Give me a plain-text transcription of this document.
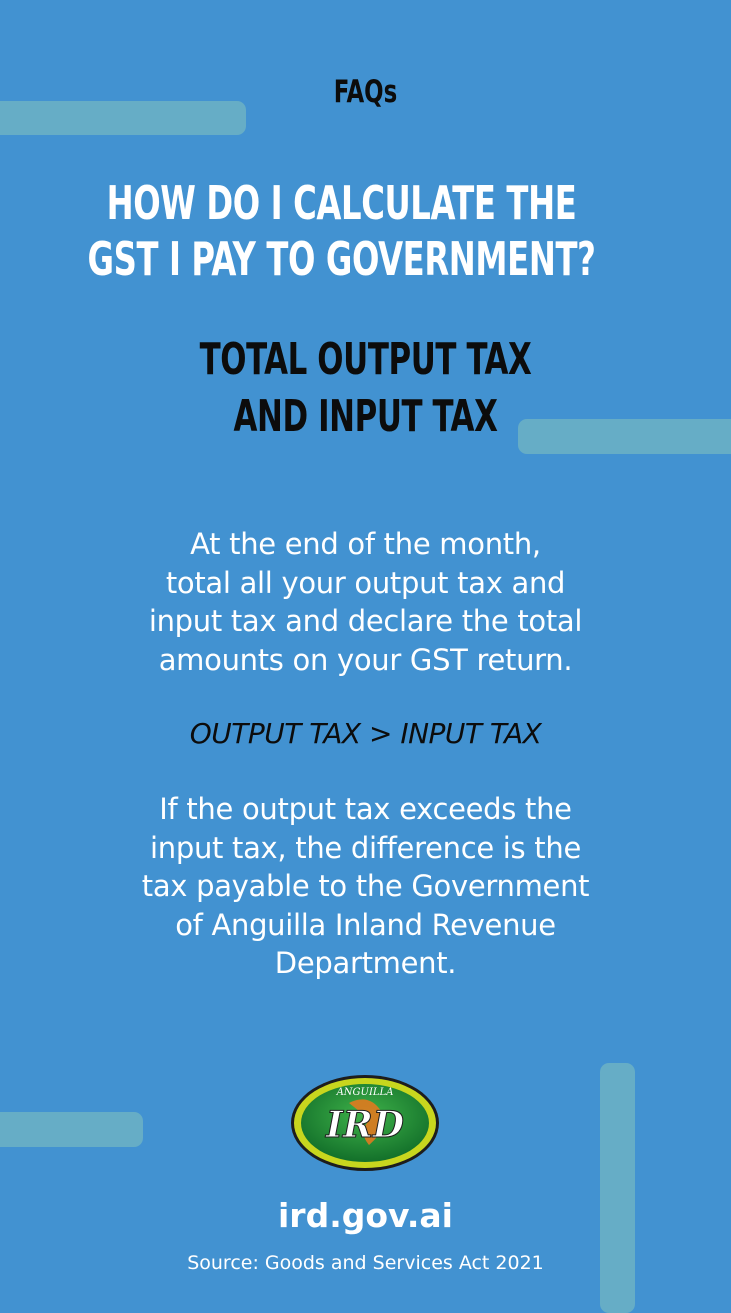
FAQs
HOW DO I CALCULATE THE
GST I PAY TO GOVERNMENT?
TOTAL OUTPUT TAX
AND INPUT TAX
At the end of the month,
total all your output tax and
input tax and declare the total
amounts on your GST return.
OUTPUT TAX > INPUT TAX
If the output tax exceeds the
input tax, the difference is the
tax payable to the Government
of Anguilla Inland Revenue
Department.
ANGUILLA
IRD
ird.gov.ai
Source: Goods and Services Act 2021
